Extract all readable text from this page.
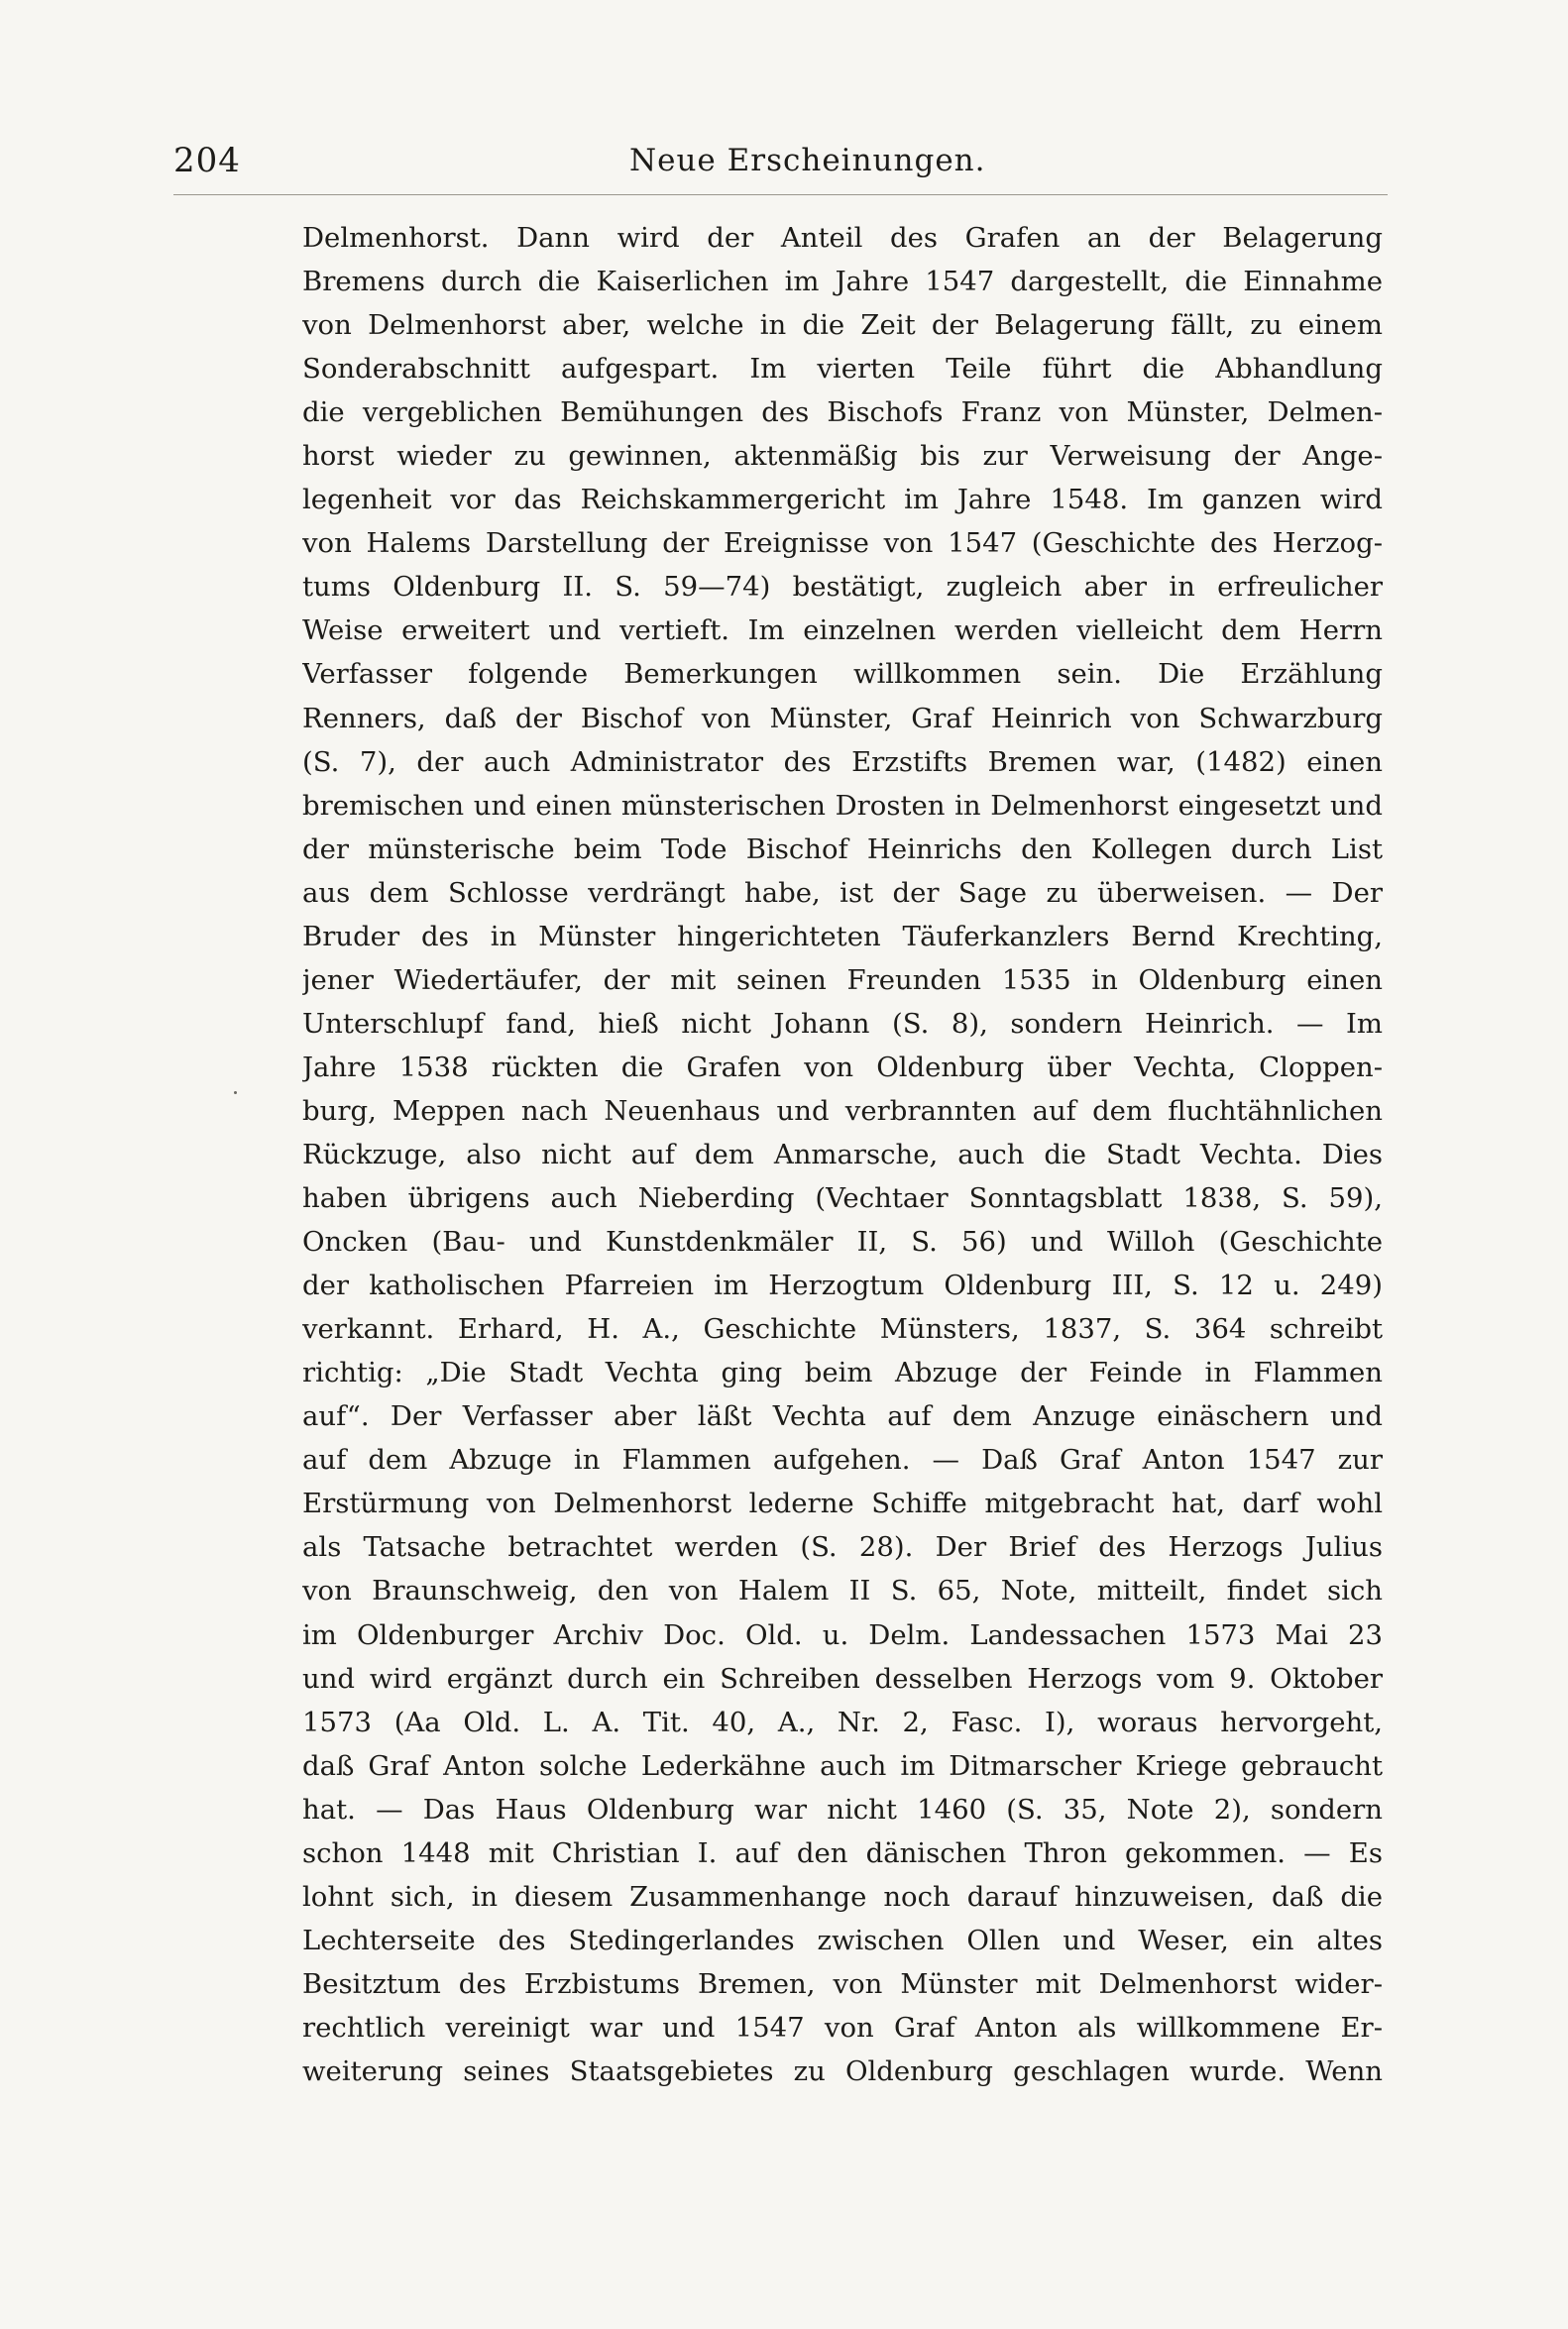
204	Neue Erscheinungen.
Delmenhorst. Dann wird der Anteil des Grafen an der Belagerung
Bremens durch die Kaiserlichen im Jahre 1547 dargestellt, die Einnahme
von Delmenhorst aber, welche in die Zeit der Belagerung fällt, zu einem
Sonderabschnitt aufgespart. Im vierten Teile führt die Abhandlung
die vergeblichen Bemühungen des Bischofs Franz von Münster, Delmen-
horst wieder zu gewinnen, aktenmäßig bis zur Verweisung der Ange-
legenheit vor das Reichskammergericht im Jahre 1548. Im ganzen wird
von Halems Darstellung der Ereignisse von 1547 (Geschichte des Herzog-
tums Oldenburg II. S. 59—74) bestätigt, zugleich aber in erfreulicher
Weise erweitert und vertieft. Im einzelnen werden vielleicht dem Herrn
Verfasser folgende Bemerkungen willkommen sein. Die Erzählung
Renners, daß der Bischof von Münster, Graf Heinrich von Schwarzburg
(S. 7), der auch Administrator des Erzstifts Bremen war, (1482) einen
bremischen und einen münsterischen Drosten in Delmenhorst eingesetzt und
der münsterische beim Tode Bischof Heinrichs den Kollegen durch List
aus dem Schlosse verdrängt habe, ist der Sage zu überweisen. — Der
Bruder des in Münster hingerichteten Täuferkanzlers Bernd Krechting,
jener Wiedertäufer, der mit seinen Freunden 1535 in Oldenburg einen
Unterschlupf fand, hieß nicht Johann (S. 8), sondern Heinrich. — Im
Jahre 1538 rückten die Grafen von Oldenburg über Vechta, Cloppen-
burg, Meppen nach Neuenhaus und verbrannten auf dem fluchtähnlichen
Rückzuge, also nicht auf dem Anmarsche, auch die Stadt Vechta. Dies
haben übrigens auch Nieberding (Vechtaer Sonntagsblatt 1838, S. 59),
Oncken (Bau- und Kunstdenkmäler II, S. 56) und Willoh (Geschichte
der katholischen Pfarreien im Herzogtum Oldenburg III, S. 12 u. 249)
verkannt. Erhard, H. A., Geschichte Münsters, 1837, S. 364 schreibt
richtig: „Die Stadt Vechta ging beim Abzuge der Feinde in Flammen
auf“. Der Verfasser aber läßt Vechta auf dem Anzuge einäschern und
auf dem Abzuge in Flammen aufgehen. — Daß Graf Anton 1547 zur
Erstürmung von Delmenhorst lederne Schiffe mitgebracht hat, darf wohl
als Tatsache betrachtet werden (S. 28). Der Brief des Herzogs Julius
von Braunschweig, den von Halem II S. 65, Note, mitteilt, findet sich
im Oldenburger Archiv Doc. Old. u. Delm. Landessachen 1573 Mai 23
und wird ergänzt durch ein Schreiben desselben Herzogs vom 9. Oktober
1573 (Aa Old. L. A. Tit. 40, A., Nr. 2, Fasc. I), woraus hervorgeht,
daß Graf Anton solche Lederkähne auch im Ditmarscher Kriege gebraucht
hat. — Das Haus Oldenburg war nicht 1460 (S. 35, Note 2), sondern
schon 1448 mit Christian I. auf den dänischen Thron gekommen. — Es
lohnt sich, in diesem Zusammenhange noch darauf hinzuweisen, daß die
Lechterseite des Stedingerlandes zwischen Ollen und Weser, ein altes
Besitztum des Erzbistums Bremen, von Münster mit Delmenhorst wider-
rechtlich vereinigt war und 1547 von Graf Anton als willkommene Er-
weiterung seines Staatsgebietes zu Oldenburg geschlagen wurde. Wenn
